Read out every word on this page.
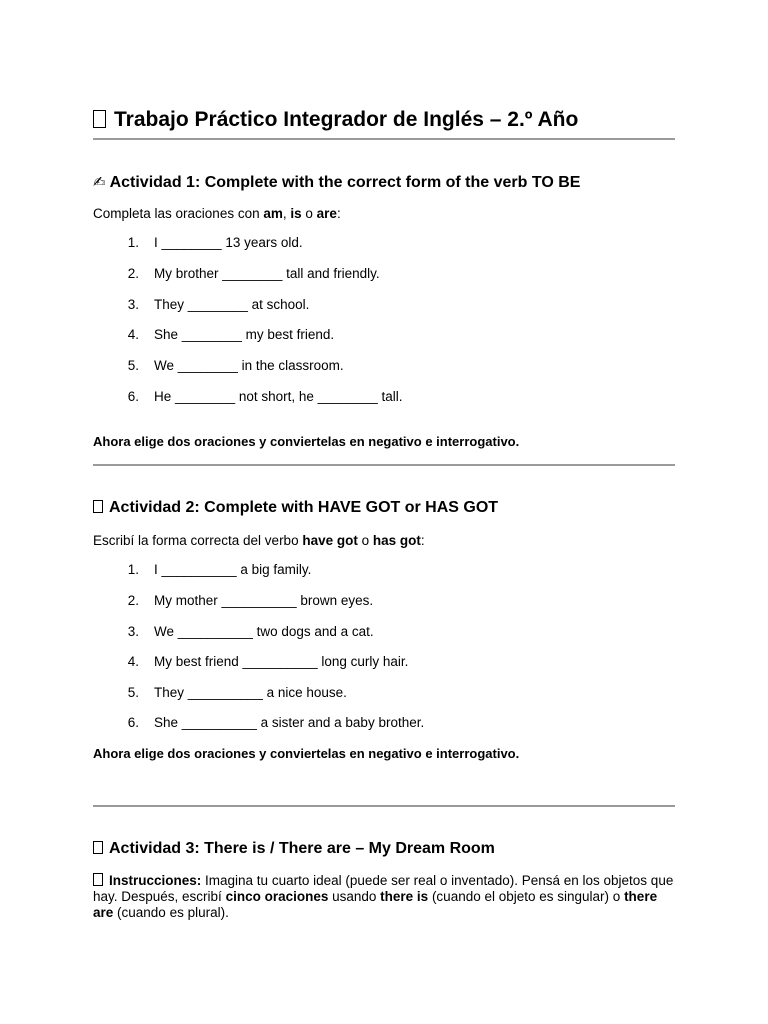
Trabajo Práctico Integrador de Inglés – 2.º Año
✍ Actividad 1: Complete with the correct form of the verb TO BE

Completa las oraciones con am, is o are:

1. I ________ 13 years old.
2. My brother ________ tall and friendly.
3. They ________ at school.
4. She ________ my best friend.
5. We ________ in the classroom.
6. He ________ not short, he ________ tall.

Ahora elige dos oraciones y conviertelas en negativo e interrogativo.

Actividad 2: Complete with HAVE GOT or HAS GOT

Escribí la forma correcta del verbo have got o has got:

1. I __________ a big family.
2. My mother __________ brown eyes.
3. We __________ two dogs and a cat.
4. My best friend __________ long curly hair.
5. They __________ a nice house.
6. She __________ a sister and a baby brother.

Ahora elige dos oraciones y conviertelas en negativo e interrogativo.

Actividad 3: There is / There are – My Dream Room

Instrucciones: Imagina tu cuarto ideal (puede ser real o inventado). Pensá en los objetos que hay. Después, escribí cinco oraciones usando there is (cuando el objeto es singular) o there are (cuando es plural).
